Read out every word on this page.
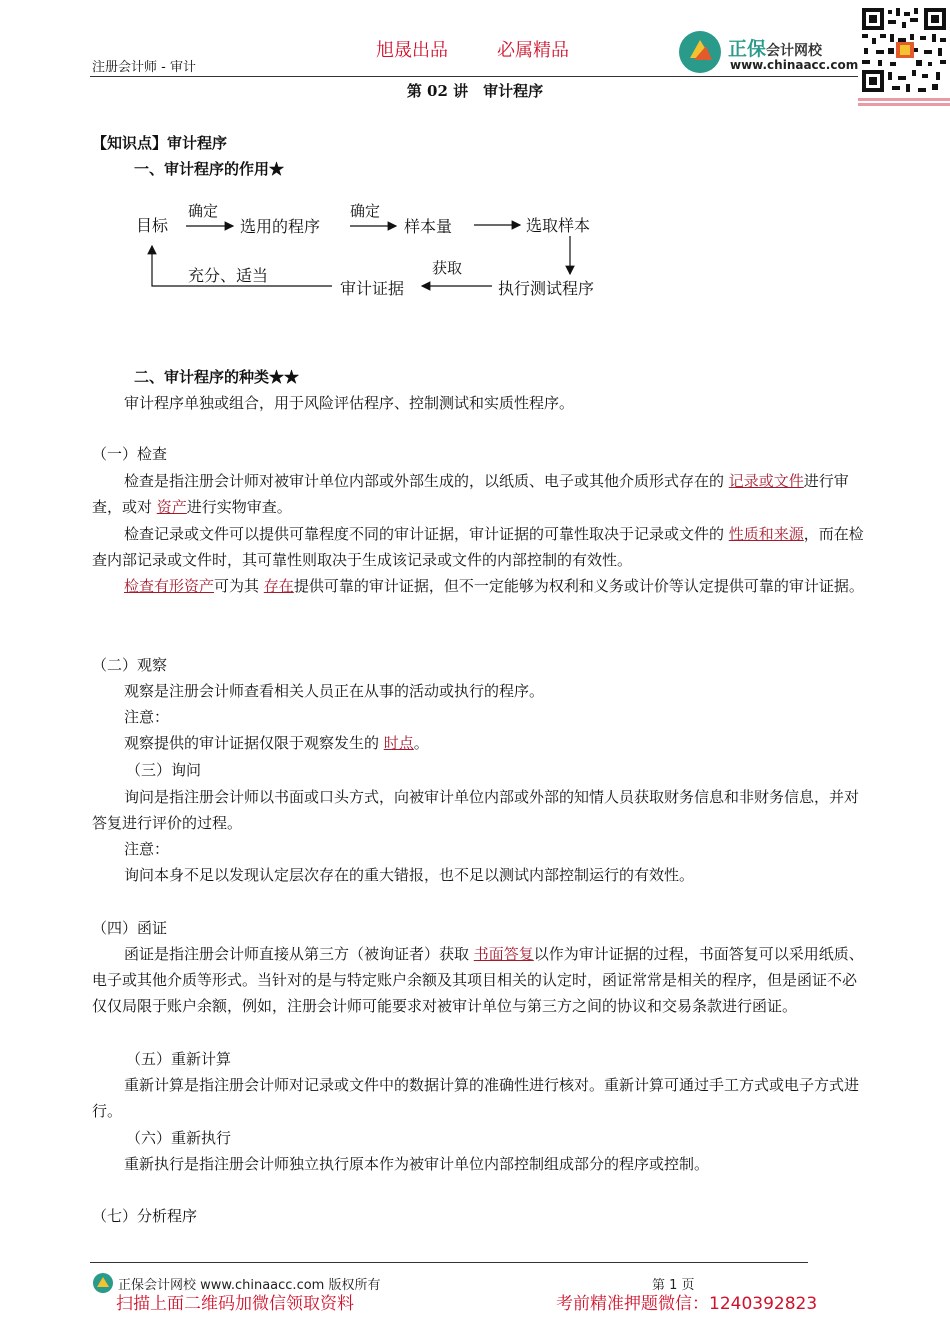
旭晟出品	必属精品
注册会计师 - 审计
正保会计网校
www.chinaacc.com
第 02 讲　审计程序
【知识点】审计程序
一、审计程序的作用★
目标
确定
选用的程序
确定
样本量	选取样本
充分、适当	获取
审计证据	执行测试程序
二、审计程序的种类★★
审计程序单独或组合，用于风险评估程序、控制测试和实质性程序。
（一）检查
检查是指注册会计师对被审计单位内部或外部生成的，以纸质、电子或其他介质形式存在的 记录或文件进行审查，或对 资产进行实物审查。
检查记录或文件可以提供可靠程度不同的审计证据，审计证据的可靠性取决于记录或文件的 性质和来源，而在检查内部记录或文件时，其可靠性则取决于生成该记录或文件的内部控制的有效性。
检查有形资产可为其 存在提供可靠的审计证据，但不一定能够为权利和义务或计价等认定提供可靠的审计证据。
（二）观察
观察是注册会计师查看相关人员正在从事的活动或执行的程序。
注意：
观察提供的审计证据仅限于观察发生的 时点。
（三）询问
询问是指注册会计师以书面或口头方式，向被审计单位内部或外部的知情人员获取财务信息和非财务信息，并对答复进行评价的过程。
注意：
询问本身不足以发现认定层次存在的重大错报，也不足以测试内部控制运行的有效性。
（四）函证
函证是指注册会计师直接从第三方（被询证者）获取 书面答复以作为审计证据的过程，书面答复可以采用纸质、电子或其他介质等形式。当针对的是与特定账户余额及其项目相关的认定时，函证常常是相关的程序，但是函证不必仅仅局限于账户余额，例如，注册会计师可能要求对被审计单位与第三方之间的协议和交易条款进行函证。
（五）重新计算
重新计算是指注册会计师对记录或文件中的数据计算的准确性进行核对。重新计算可通过手工方式或电子方式进行。
（六）重新执行
重新执行是指注册会计师独立执行原本作为被审计单位内部控制组成部分的程序或控制。
（七）分析程序
正保会计网校 www.chinaacc.com 版权所有	第 1 页
扫描上面二维码加微信领取资料	考前精准押题微信：1240392823
